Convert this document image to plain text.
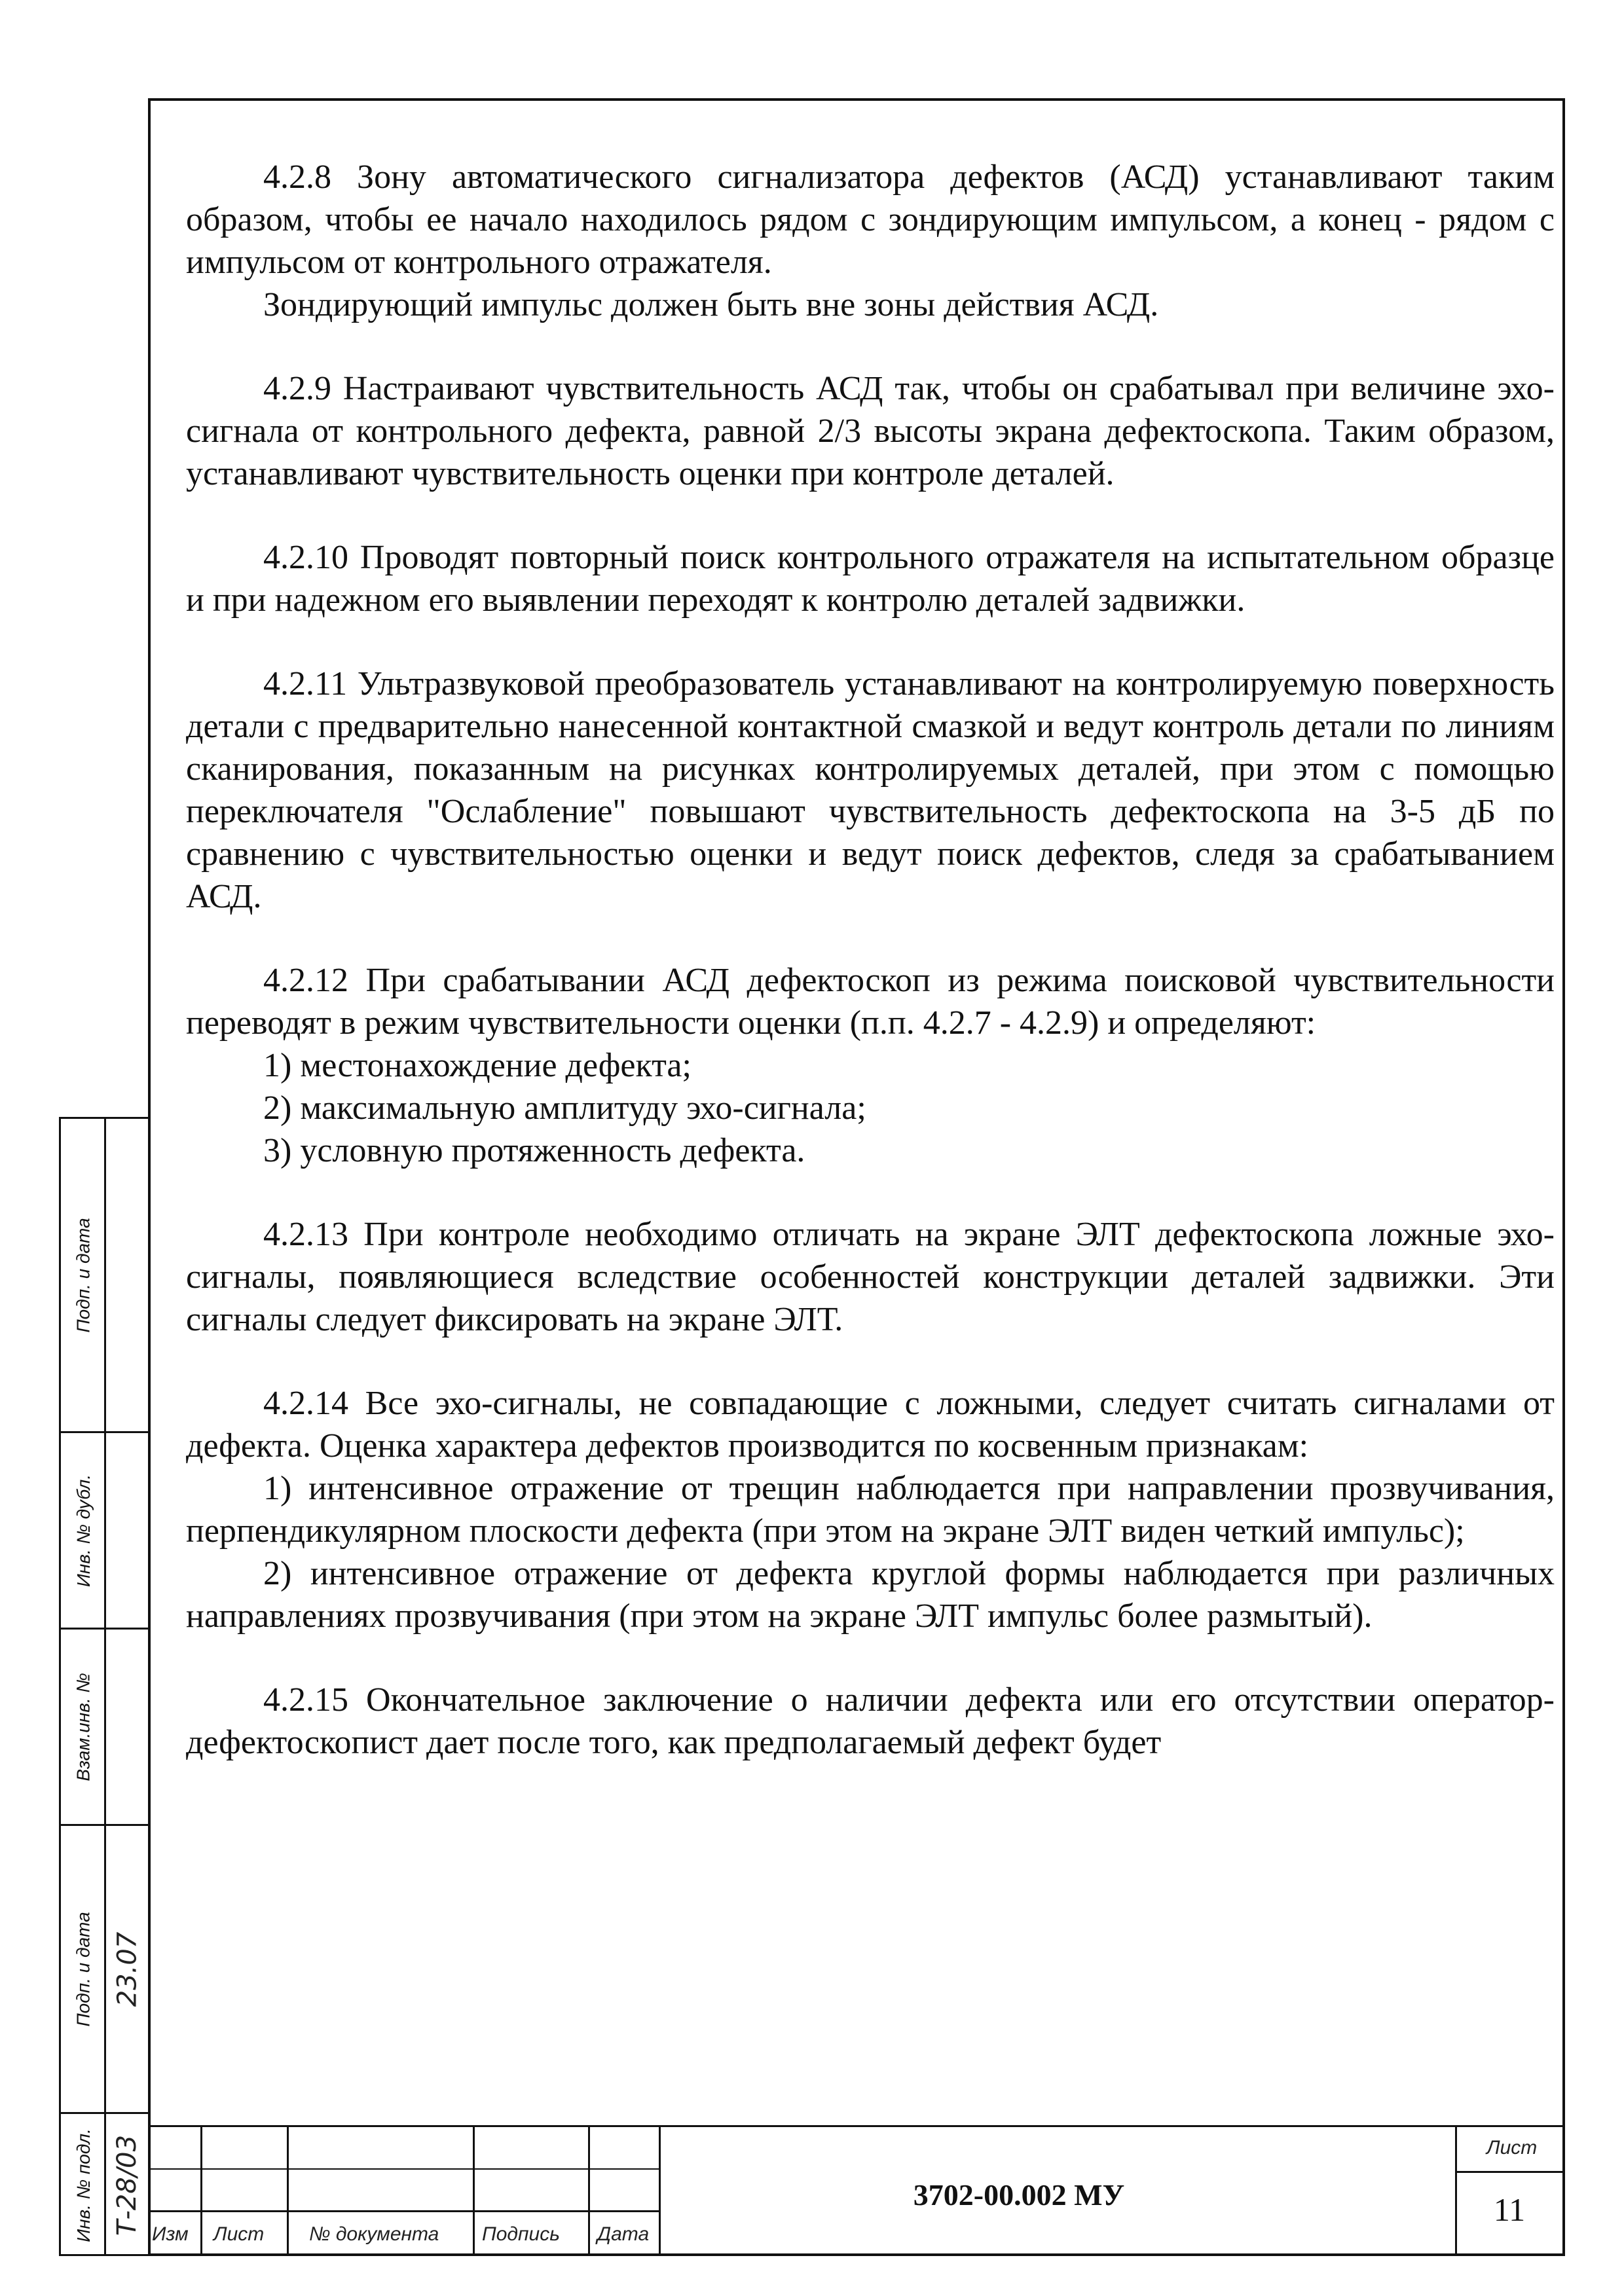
4.2.8 Зону автоматического сигнализатора дефектов (АСД) устанавливают таким образом, чтобы ее начало находилось рядом с зондирующим импульсом, а конец - рядом с импульсом от контрольного отражателя.

Зондирующий импульс должен быть вне зоны действия АСД.

4.2.9 Настраивают чувствительность АСД так, чтобы он срабатывал при величине эхо-сигнала от контрольного дефекта, равной 2/3 высоты экрана дефектоскопа. Таким образом, устанавливают чувствительность оценки при контроле деталей.

4.2.10 Проводят повторный поиск контрольного отражателя на испытательном образце и при надежном его выявлении переходят к контролю деталей задвижки.

4.2.11 Ультразвуковой преобразователь устанавливают на контролируемую поверхность детали с предварительно нанесенной контактной смазкой и ведут контроль детали по линиям сканирования, показанным на рисунках контролируемых деталей, при этом с помощью переключателя "Ослабление" повышают чувствительность дефектоскопа на 3-5 дБ по сравнению с чувствительностью оценки и ведут поиск дефектов, следя за срабатыванием АСД.

4.2.12 При срабатывании АСД дефектоскоп из режима поисковой чувствительности переводят в режим чувствительности оценки (п.п. 4.2.7 - 4.2.9) и определяют:

1) местонахождение дефекта;

2) максимальную амплитуду эхо-сигнала;

3) условную протяженность дефекта.

4.2.13 При контроле необходимо отличать на экране ЭЛТ дефектоскопа ложные эхо-сигналы, появляющиеся вследствие особенностей конструкции деталей задвижки. Эти сигналы следует фиксировать на экране ЭЛТ.

4.2.14 Все эхо-сигналы, не совпадающие с ложными, следует считать сигналами от дефекта. Оценка характера дефектов производится по косвенным признакам:

1) интенсивное отражение от трещин наблюдается при направлении прозвучивания, перпендикулярном плоскости дефекта (при этом на экране ЭЛТ виден четкий импульс);

2) интенсивное отражение от дефекта круглой формы наблюдается при различных направлениях прозвучивания (при этом на экране ЭЛТ импульс более размытый).

4.2.15 Окончательное заключение о наличии дефекта или его отсутствии оператор-дефектоскопист дает после того, как предполагаемый дефект будет

Изм Лист № документа Подпись Дата
Лист
3702-00.002 МУ	11
Подп. и дата
Инв. № дубл.
Взам.инв. №
Подп. и дата 23.07
Инв. № подл. Т-28/03
